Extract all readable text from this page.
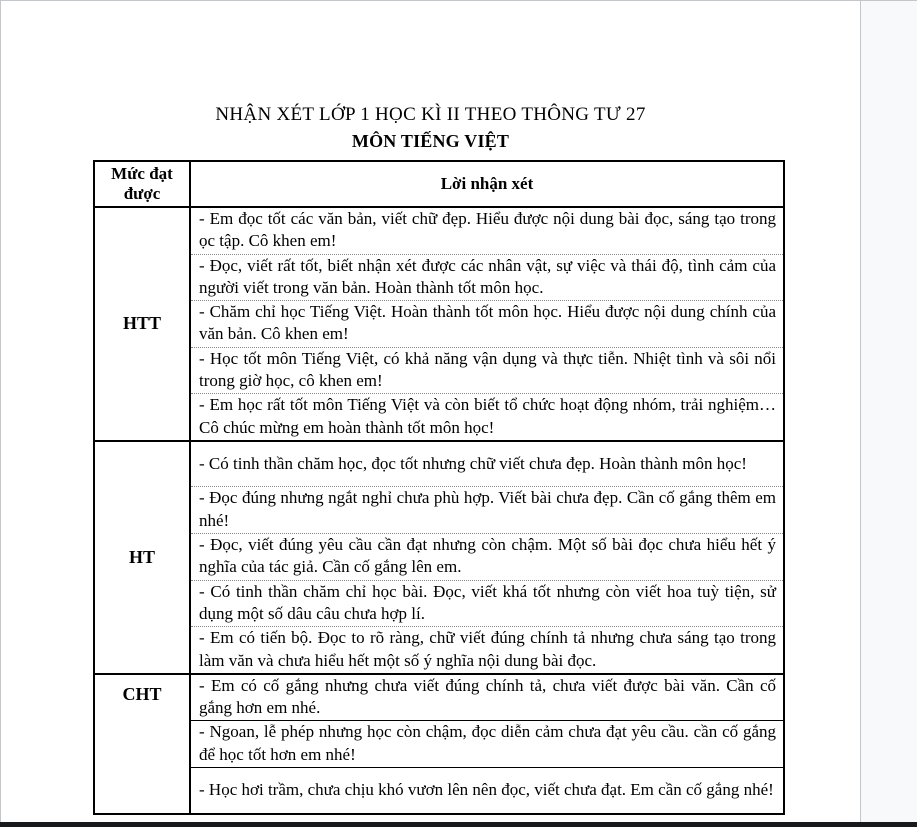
NHẬN XÉT LỚP 1 HỌC KÌ II THEO THÔNG TƯ 27
MÔN TIẾNG VIỆT
Mức đạt được	Lời nhận xét
HTT	- Em đọc tốt các văn bản, viết chữ đẹp. Hiểu được nội dung bài đọc, sáng tạo trong ọc tập. Cô khen em!
	- Đọc, viết rất tốt, biết nhận xét được các nhân vật, sự việc và thái độ, tình cảm của người viết trong văn bản. Hoàn thành tốt môn học.
	- Chăm chỉ học Tiếng Việt. Hoàn thành tốt môn học. Hiểu được nội dung chính của văn bản. Cô khen em!
	- Học tốt môn Tiếng Việt, có khả năng vận dụng và thực tiễn. Nhiệt tình và sôi nổi trong giờ học, cô khen em!
	- Em học rất tốt môn Tiếng Việt và còn biết tổ chức hoạt động nhóm, trải nghiệm…Cô chúc mừng em hoàn thành tốt môn học!
HT	- Có tinh thần chăm học, đọc tốt nhưng chữ viết chưa đẹp. Hoàn thành môn học!
	- Đọc đúng nhưng ngắt nghỉ chưa phù hợp. Viết bài chưa đẹp. Cần cố gắng thêm em nhé!
	- Đọc, viết đúng yêu cầu cần đạt nhưng còn chậm. Một số bài đọc chưa hiểu hết ý nghĩa của tác giả. Cần cố gắng lên em.
	- Có tinh thần chăm chỉ học bài. Đọc, viết khá tốt nhưng còn viết hoa tuỳ tiện, sử dụng một số dâu câu chưa hợp lí.
	- Em có tiến bộ. Đọc to rõ ràng, chữ viết đúng chính tả nhưng chưa sáng tạo trong làm văn và chưa hiểu hết một số ý nghĩa nội dung bài đọc.
CHT	- Em có cố gắng nhưng chưa viết đúng chính tả, chưa viết được bài văn. Cần cố gắng hơn em nhé.
	- Ngoan, lễ phép nhưng học còn chậm, đọc diễn cảm chưa đạt yêu cầu. cần cố gắng để học tốt hơn em nhé!
	- Học hơi trầm, chưa chịu khó vươn lên nên đọc, viết chưa đạt. Em cần cố gắng nhé!
